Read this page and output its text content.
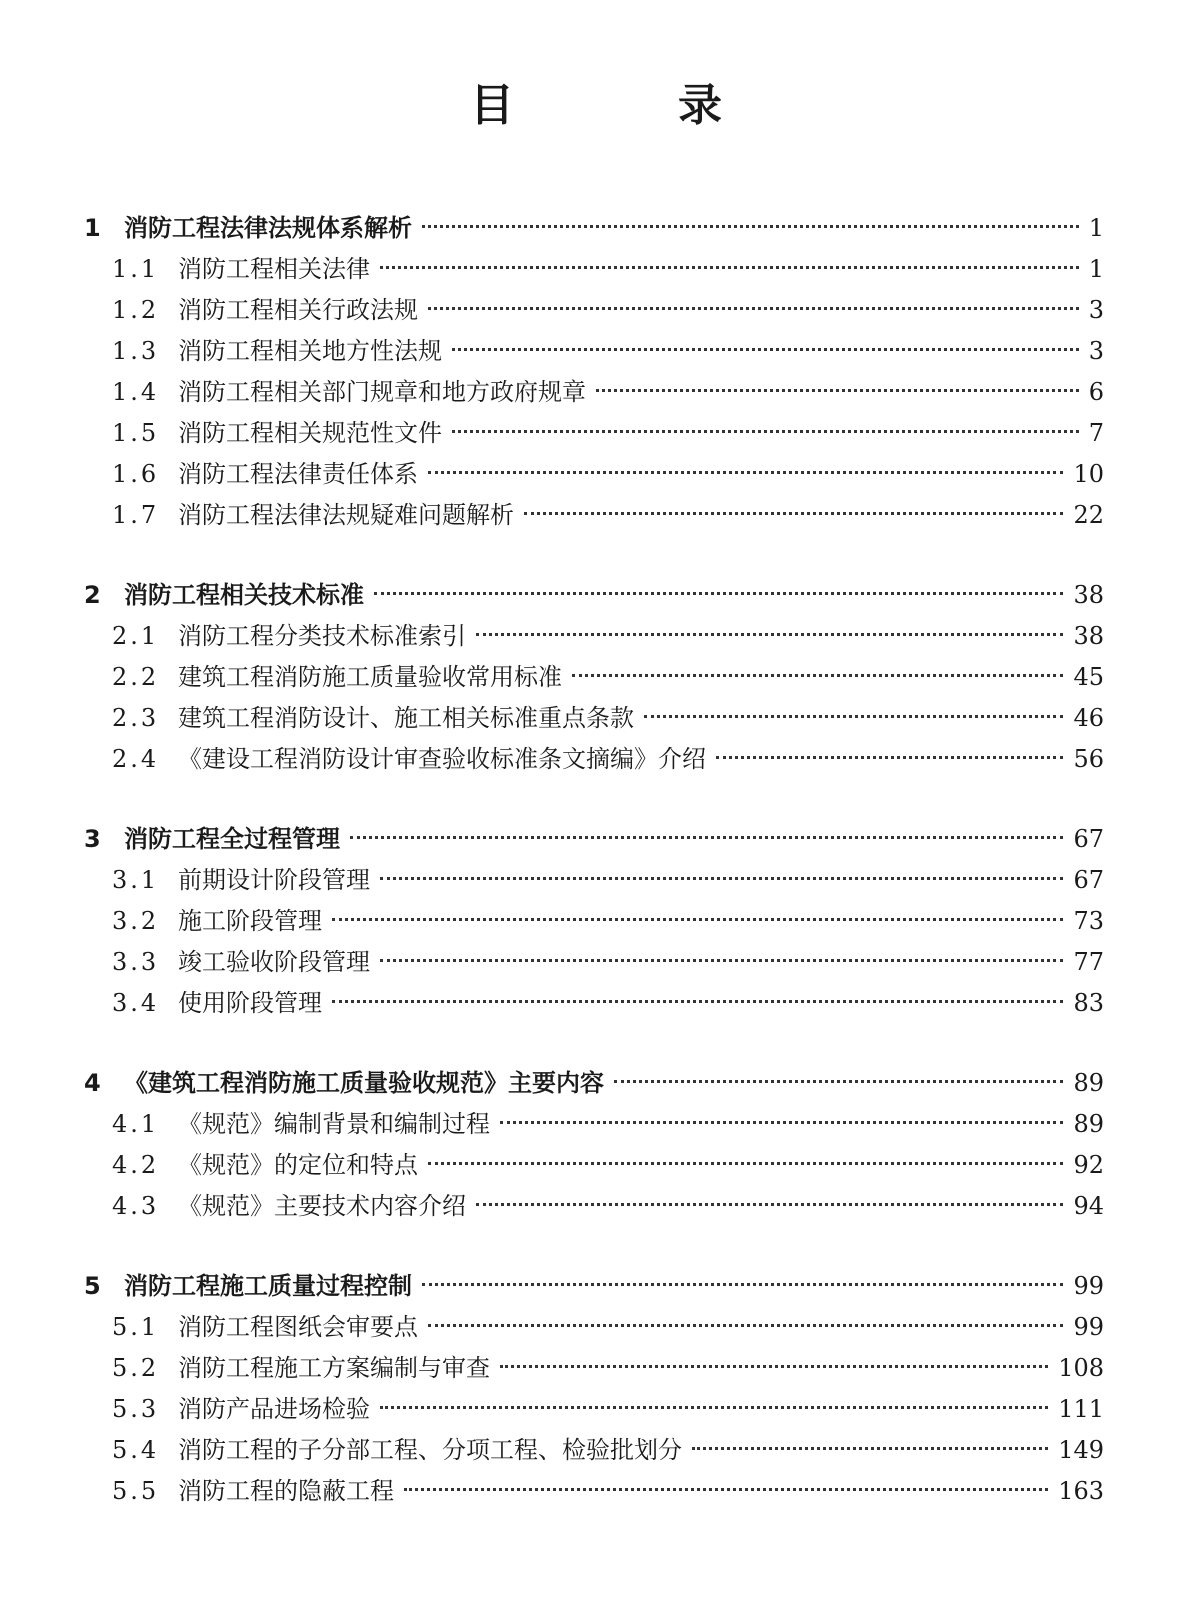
目　录
1 消防工程法律法规体系解析	1
1.1 消防工程相关法律	1
1.2 消防工程相关行政法规	3
1.3 消防工程相关地方性法规	3
1.4 消防工程相关部门规章和地方政府规章	6
1.5 消防工程相关规范性文件	7
1.6 消防工程法律责任体系	10
1.7 消防工程法律法规疑难问题解析	22
2 消防工程相关技术标准	38
2.1 消防工程分类技术标准索引	38
2.2 建筑工程消防施工质量验收常用标准	45
2.3 建筑工程消防设计、施工相关标准重点条款	46
2.4 《建设工程消防设计审查验收标准条文摘编》介绍	56
3 消防工程全过程管理	67
3.1 前期设计阶段管理	67
3.2 施工阶段管理	73
3.3 竣工验收阶段管理	77
3.4 使用阶段管理	83
4 《建筑工程消防施工质量验收规范》主要内容	89
4.1 《规范》编制背景和编制过程	89
4.2 《规范》的定位和特点	92
4.3 《规范》主要技术内容介绍	94
5 消防工程施工质量过程控制	99
5.1 消防工程图纸会审要点	99
5.2 消防工程施工方案编制与审查	108
5.3 消防产品进场检验	111
5.4 消防工程的子分部工程、分项工程、检验批划分	149
5.5 消防工程的隐蔽工程	163
